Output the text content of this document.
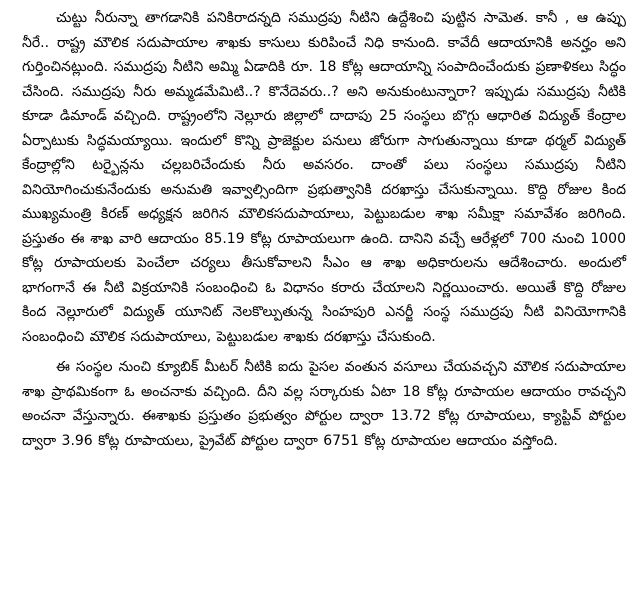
చుట్టు నీరున్నా తాగడానికి పనికిరాదన్నది సముద్రపు నీటిని ఉద్దేశించి పుట్టిన సామెత. కానీ , ఆ ఉప్పు నీరే.. రాష్ట్ర మౌలిక సదుపాయాల శాఖకు కాసులు కురిపించే నిధి కానుంది. కావేదీ ఆదాయానికి అనర్హం అని గుర్తించినట్లుంది. సముద్రపు నీటిని అమ్మి ఏడాదికి రూ. 18 కోట్ల ఆదాయాన్ని సంపాదించేందుకు ప్రణాళికలు సిద్ధం చేసింది. సముద్రపు నీరు అమ్మడమేమిటి..? కొనేదెవరు..? అని అనుకుంటున్నారా? ఇప్పుడు సముద్రపు నీటికి కూడా డిమాండ్ వచ్చింది. రాష్ట్రంలోని నెల్లూరు జిల్లాలో దాదాపు 25 సంస్థలు బొగ్గు ఆధారిత విద్యుత్ కేంద్రాల ఏర్పాటుకు సిద్ధమయ్యాయి. ఇందులో కొన్ని ప్రాజెక్టుల పనులు జోరుగా సాగుతున్నాయి కూడా థర్మల్ విద్యుత్ కేంద్రాల్లోని టర్బైన్లను చల్లబరిచేందుకు నీరు అవసరం. దాంతో పలు సంస్థలు సముద్రపు నీటిని వినియోగించుకునేందుకు అనుమతి ఇవ్వాల్సిందిగా ప్రభుత్వానికి దరఖాస్తు చేసుకున్నాయి. కొద్ది రోజుల కింద ముఖ్యమంత్రి కిరణ్ అధ్యక్షన జరిగిన మౌలికసదుపాయాలు, పెట్టుబడుల శాఖ సమీక్షా సమావేశం జరిగింది. ప్రస్తుతం ఈ శాఖ వారి ఆదాయం 85.19 కోట్ల రూపాయలుగా ఉంది. దానిని వచ్చే ఆరేళ్లలో 700 నుంచి 1000 కోట్ల రూపాయలకు పెంచేలా చర్యలు తీసుకోవాలని సీఎం ఆ శాఖ అధికారులను ఆదేశించారు. అందులో భాగంగానే ఈ నీటి విక్రయానికి సంబంధించి ఓ విధానం కరారు చేయాలని నిర్ణయించారు. అయితే కొద్ది రోజుల కింద నెల్లూరులో విద్యుత్ యూనిట్ నెలకొల్పుతున్న సింహపురి ఎనర్జీ సంస్థ సముద్రపు నీటి వినియోగానికి సంబంధించి మౌలిక సదుపాయాలు, పెట్టుబడుల శాఖకు దరఖాస్తు చేసుకుంది.

ఈ సంస్థల నుంచి క్యూబిక్ మీటర్ నీటికి ఐదు పైసల వంతున వసూలు చేయవచ్చని మౌలిక సదుపాయాల శాఖ ప్రాథమికంగా ఓ అంచనాకు వచ్చింది. దీని వల్ల సర్కారుకు ఏటా 18 కోట్ల రూపాయల ఆదాయం రావచ్చని అంచనా వేస్తున్నారు. ఈశాఖకు ప్రస్తుతం ప్రభుత్వం పోర్టుల ద్వారా 13.72 కోట్ల రూపాయలు, క్యాప్టివ్ పోర్టుల ద్వారా 3.96 కోట్ల రూపాయలు, ప్రైవేట్ పోర్టుల ద్వారా 6751 కోట్ల రూపాయల ఆదాయం వస్తోంది.
